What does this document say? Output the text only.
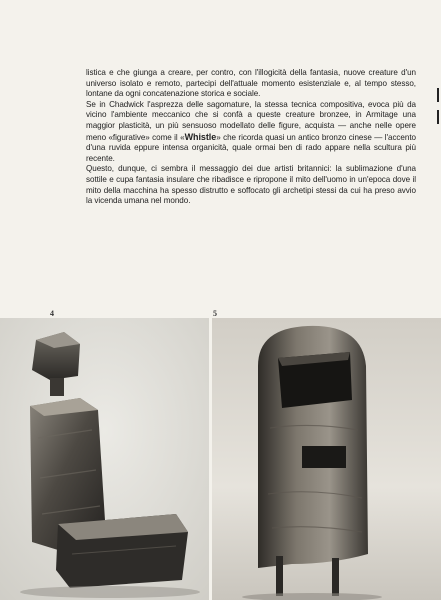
listica e che giunga a creare, per contro, con l'illogicità della fantasia, nuove creature d'un universo isolato e remoto, partecipi dell'attuale momento esistenziale e, al tempo stesso, lontane da ogni concatenazione storica e sociale.

Se in Chadwick l'asprezza delle sagomature, la stessa tecnica compositiva, evoca più da vicino l'ambiente meccanico che si confà a queste creature bronzee, in Armitage una maggior plasticità, un più sensuoso modellato delle figure, acquista — anche nelle opere meno «figurative» come il «Whistle» che ricorda quasi un antico bronzo cinese — l'accento d'una ruvida eppure intensa organicità, quale ormai ben di rado appare nella scultura più recente.

Questo, dunque, ci sembra il messaggio dei due artisti britannici: la sublimazione d'una sottile e cupa fantasia insulare che ribadisce e ripropone il mito dell'uomo in un'epoca dove il mito della macchina ha spesso distrutto e soffocato gli archetipi stessi da cui ha preso avvio la vicenda umana nel mondo.

4	5
